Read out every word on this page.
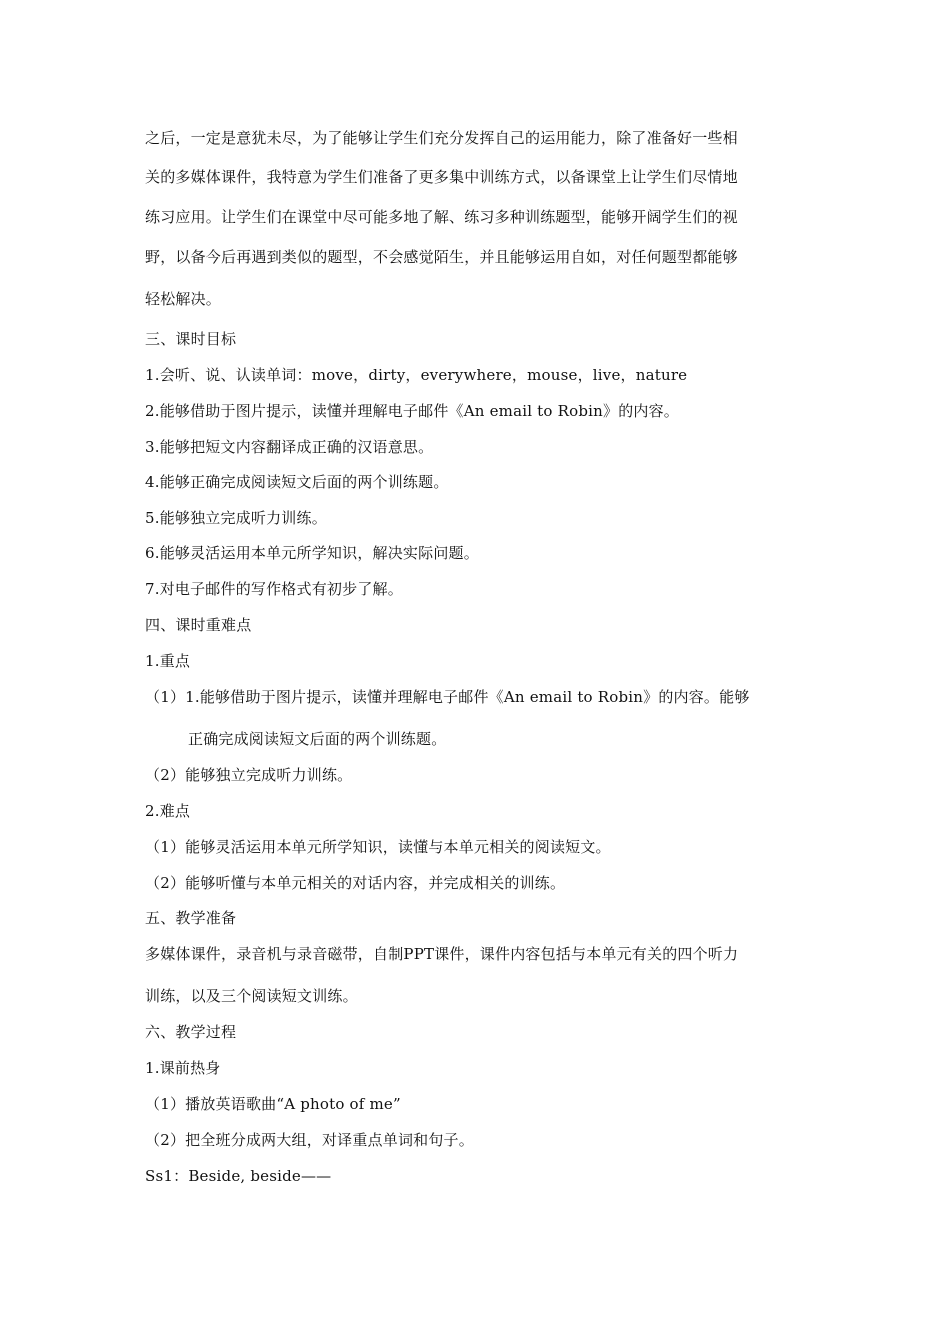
之后，一定是意犹未尽，为了能够让学生们充分发挥自己的运用能力，除了准备好一些相
关的多媒体课件，我特意为学生们准备了更多集中训练方式，以备课堂上让学生们尽情地
练习应用。让学生们在课堂中尽可能多地了解、练习多种训练题型，能够开阔学生们的视
野，以备今后再遇到类似的题型，不会感觉陌生，并且能够运用自如，对任何题型都能够
轻松解决。
三、课时目标
1.会听、说、认读单词：move，dirty，everywhere，mouse，live，nature
2.能够借助于图片提示，读懂并理解电子邮件《An email to Robin》的内容。
3.能够把短文内容翻译成正确的汉语意思。
4.能够正确完成阅读短文后面的两个训练题。
5.能够独立完成听力训练。
6.能够灵活运用本单元所学知识，解决实际问题。
7.对电子邮件的写作格式有初步了解。
四、课时重难点
1.重点
（1）1.能够借助于图片提示，读懂并理解电子邮件《An email to Robin》的内容。能够
正确完成阅读短文后面的两个训练题。
（2）能够独立完成听力训练。
2.难点
（1）能够灵活运用本单元所学知识，读懂与本单元相关的阅读短文。
（2）能够听懂与本单元相关的对话内容，并完成相关的训练。
五、教学准备
多媒体课件，录音机与录音磁带，自制PPT课件，课件内容包括与本单元有关的四个听力
训练，以及三个阅读短文训练。
六、教学过程
1.课前热身
（1）播放英语歌曲“A photo of me”
（2）把全班分成两大组，对译重点单词和句子。
Ss1：Beside, beside——
